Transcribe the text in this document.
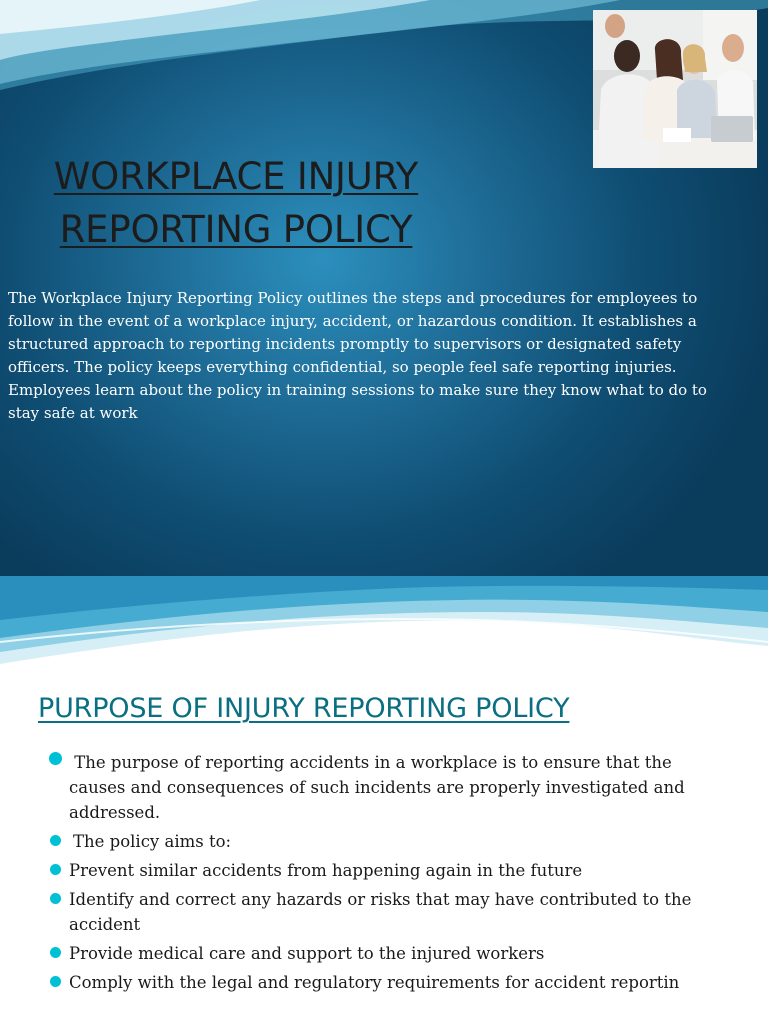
WORKPLACE INJURY
REPORTING POLICY

The Workplace Injury Reporting Policy outlines the steps and procedures for employees to follow in the event of a workplace injury, accident, or hazardous condition. It establishes a structured approach to reporting incidents promptly to supervisors or designated safety officers. The policy keeps everything confidential, so people feel safe reporting injuries. Employees learn about the policy in training sessions to make sure they know what to do to stay safe at work

PURPOSE OF INJURY REPORTING POLICY
The purpose of reporting accidents in a workplace is to ensure that the causes and consequences of such incidents are properly investigated and addressed.
The policy aims to:
Prevent similar accidents from happening again in the future
Identify and correct any hazards or risks that may have contributed to the accident
Provide medical care and support to the injured workers
Comply with the legal and regulatory requirements for accident reportin
